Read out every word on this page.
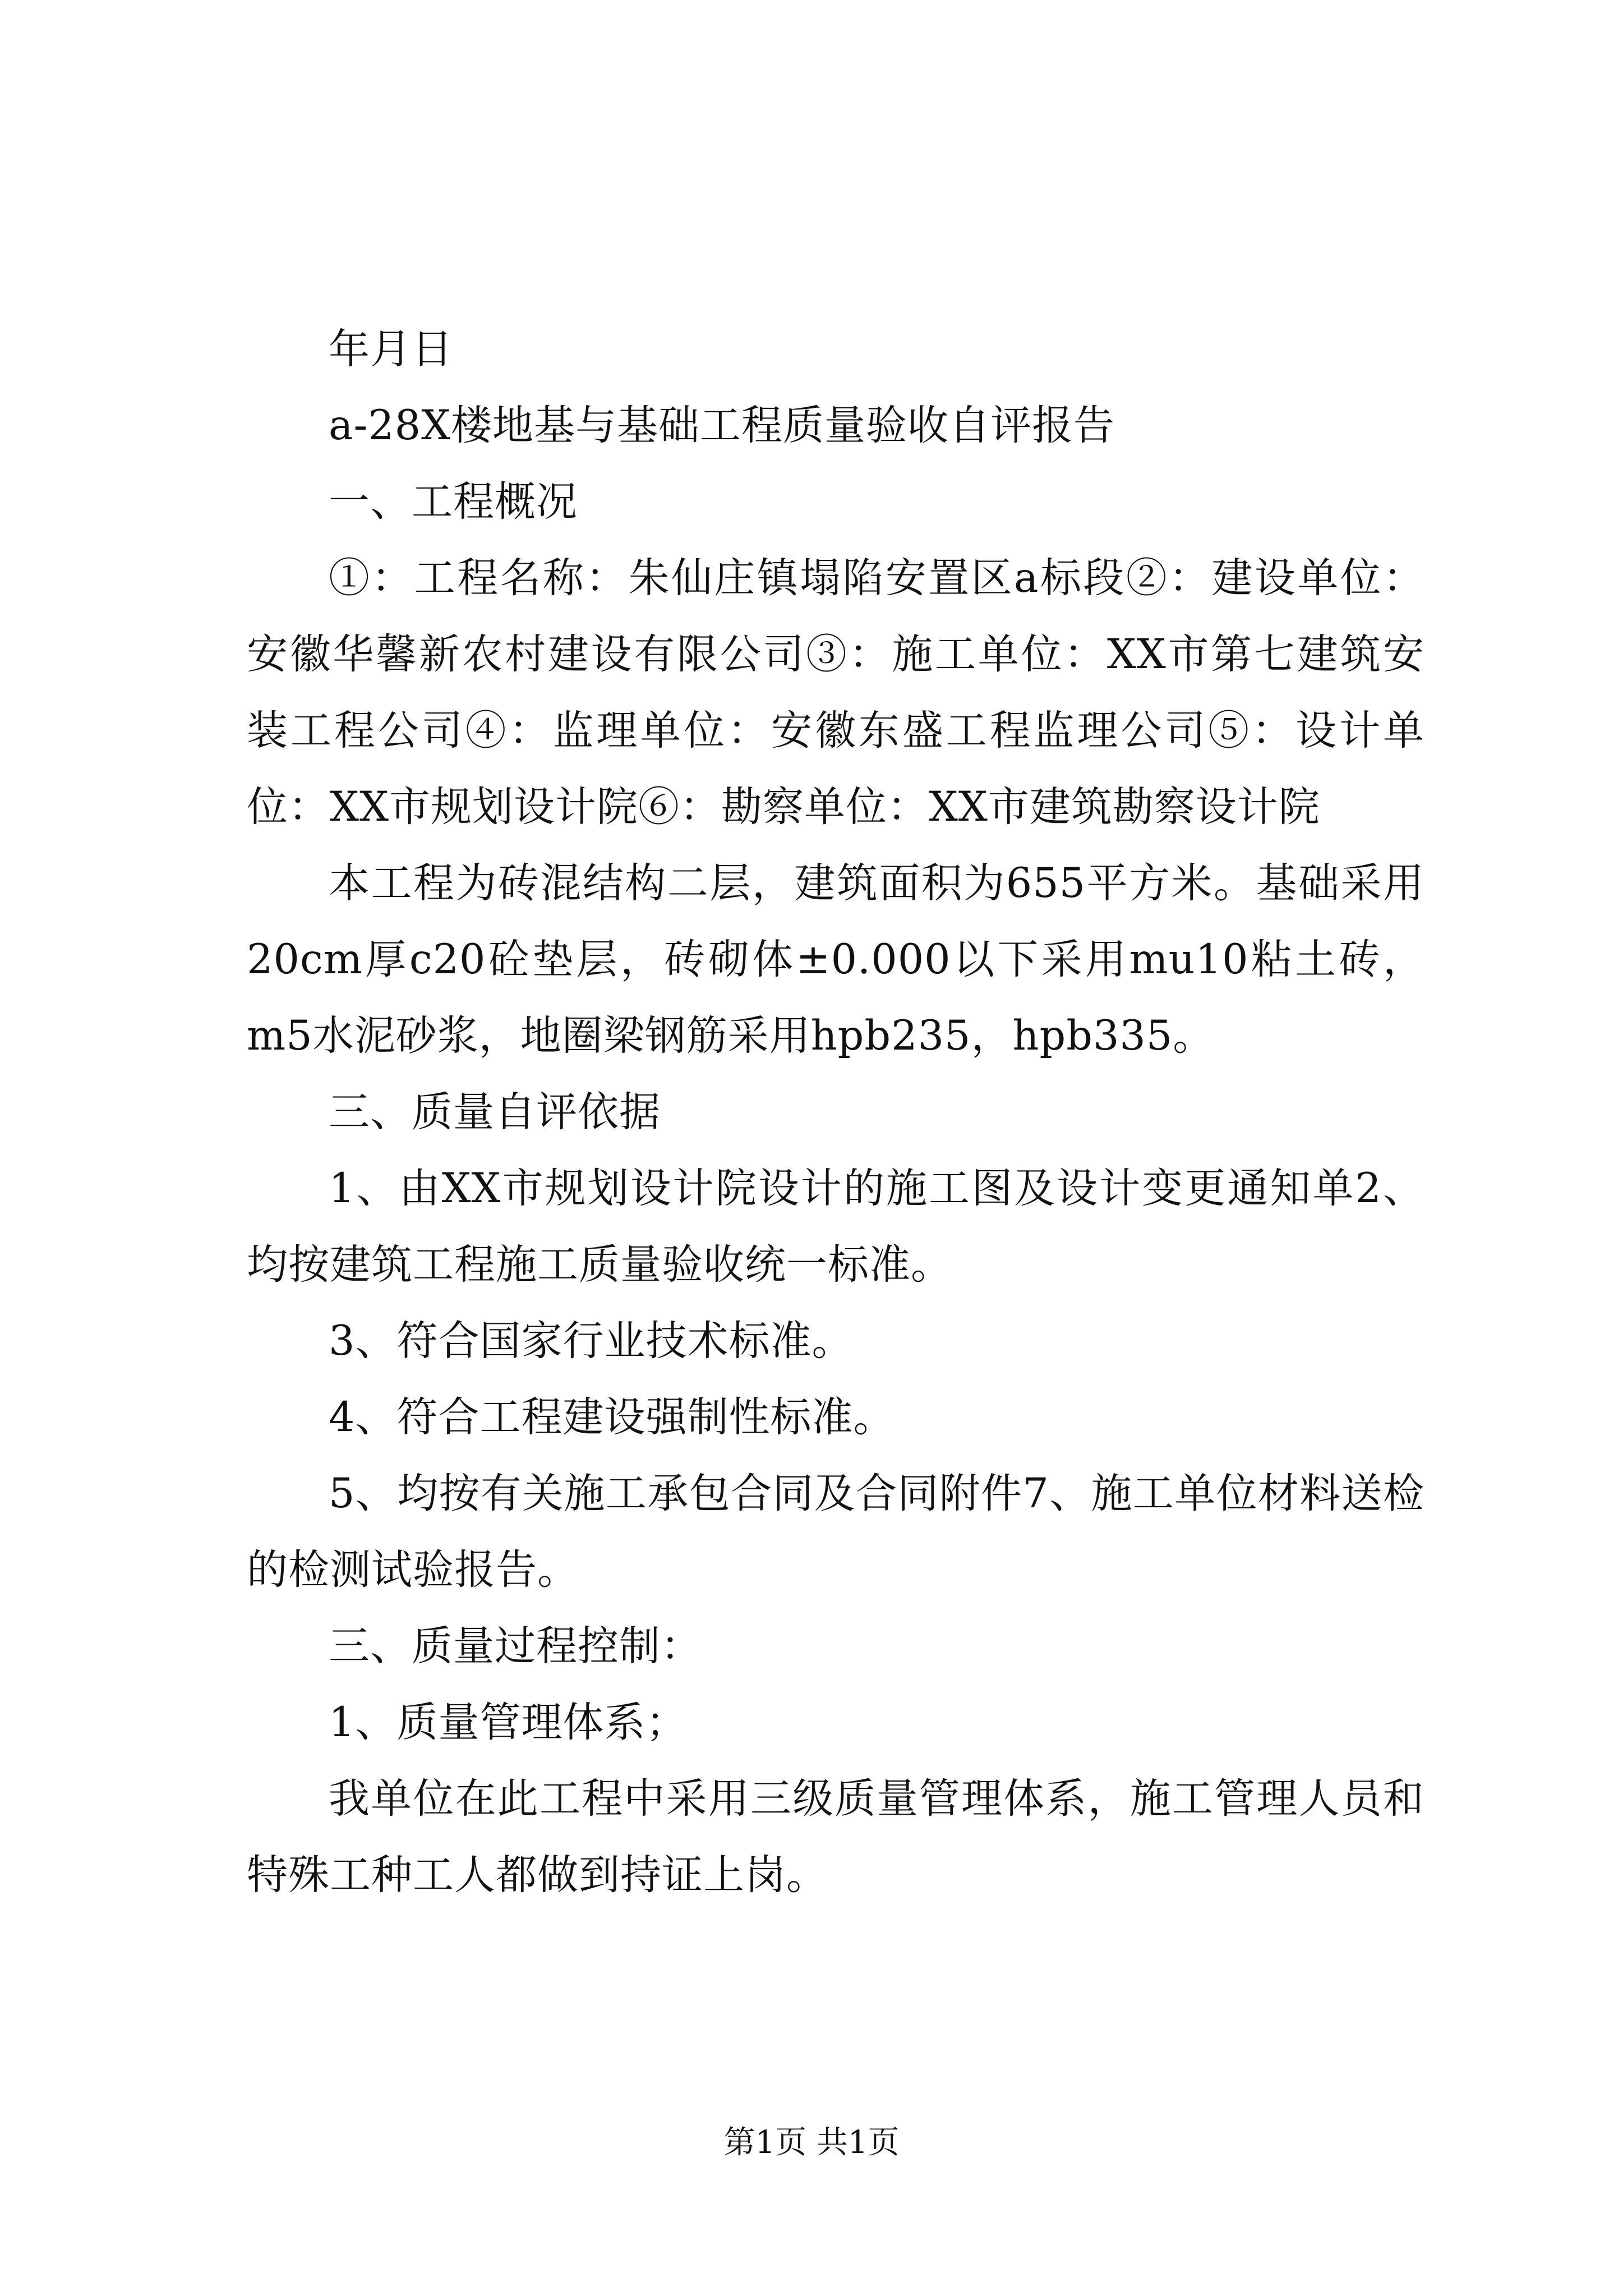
年月日

a-28X楼地基与基础工程质量验收自评报告

一、工程概况

①：工程名称：朱仙庄镇塌陷安置区a标段②：建设单位：安徽华馨新农村建设有限公司③：施工单位：XX市第七建筑安装工程公司④：监理单位：安徽东盛工程监理公司⑤：设计单位：XX市规划设计院⑥：勘察单位：XX市建筑勘察设计院

本工程为砖混结构二层，建筑面积为655平方米。基础采用20cm厚c20砼垫层，砖砌体±0.000以下采用mu10粘土砖，m5水泥砂浆，地圈梁钢筋采用hpb235，hpb335。

三、质量自评依据

1、由XX市规划设计院设计的施工图及设计变更通知单2、均按建筑工程施工质量验收统一标准。

3、符合国家行业技术标准。

4、符合工程建设强制性标准。

5、均按有关施工承包合同及合同附件7、施工单位材料送检的检测试验报告。

三、质量过程控制：

1、质量管理体系；

我单位在此工程中采用三级质量管理体系，施工管理人员和特殊工种工人都做到持证上岗。

第1页 共1页
